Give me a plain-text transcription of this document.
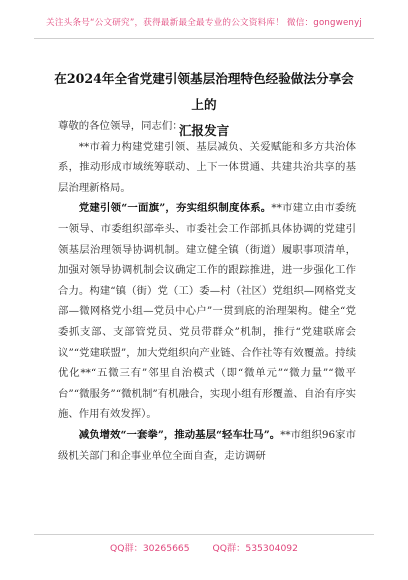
关注头条号“公文研究”，获得最新最全最专业的公文资料库！ 微信：gongwenyj
在2024年全省党建引领基层治理特色经验做法分享会上的
汇报发言

尊敬的各位领导，同志们：

**市着力构建党建引领、基层减负、关爱赋能和多方共治体系，推动形成市域统筹联动、上下一体贯通、共建共治共享的基层治理新格局。

党建引领“一面旗”，夯实组织制度体系。**市建立由市委统一领导、市委组织部牵头、市委社会工作部抓具体协调的党建引领基层治理领导协调机制。建立健全镇（街道）履职事项清单，加强对领导协调机制会议确定工作的跟踪推进，进一步强化工作合力。构建“镇（街）党（工）委—村（社区）党组织—网格党支部—微网格党小组—党员中心户”一贯到底的治理架构。健全“党委抓支部、支部管党员、党员带群众”机制，推行“党建联席会议”“党建联盟”，加大党组织向产业链、合作社等有效覆盖。持续优化**“五微三有”邻里自治模式（即“微单元”“微力量”“微平台”“微服务”“微机制”有机融合，实现小组有形覆盖、自治有序实施、作用有效发挥）。

减负增效“一套拳”，推动基层“轻车壮马”。**市组织96家市级机关部门和企事业单位全面自查，走访调研

QQ群：30265665 QQ群：535304092
